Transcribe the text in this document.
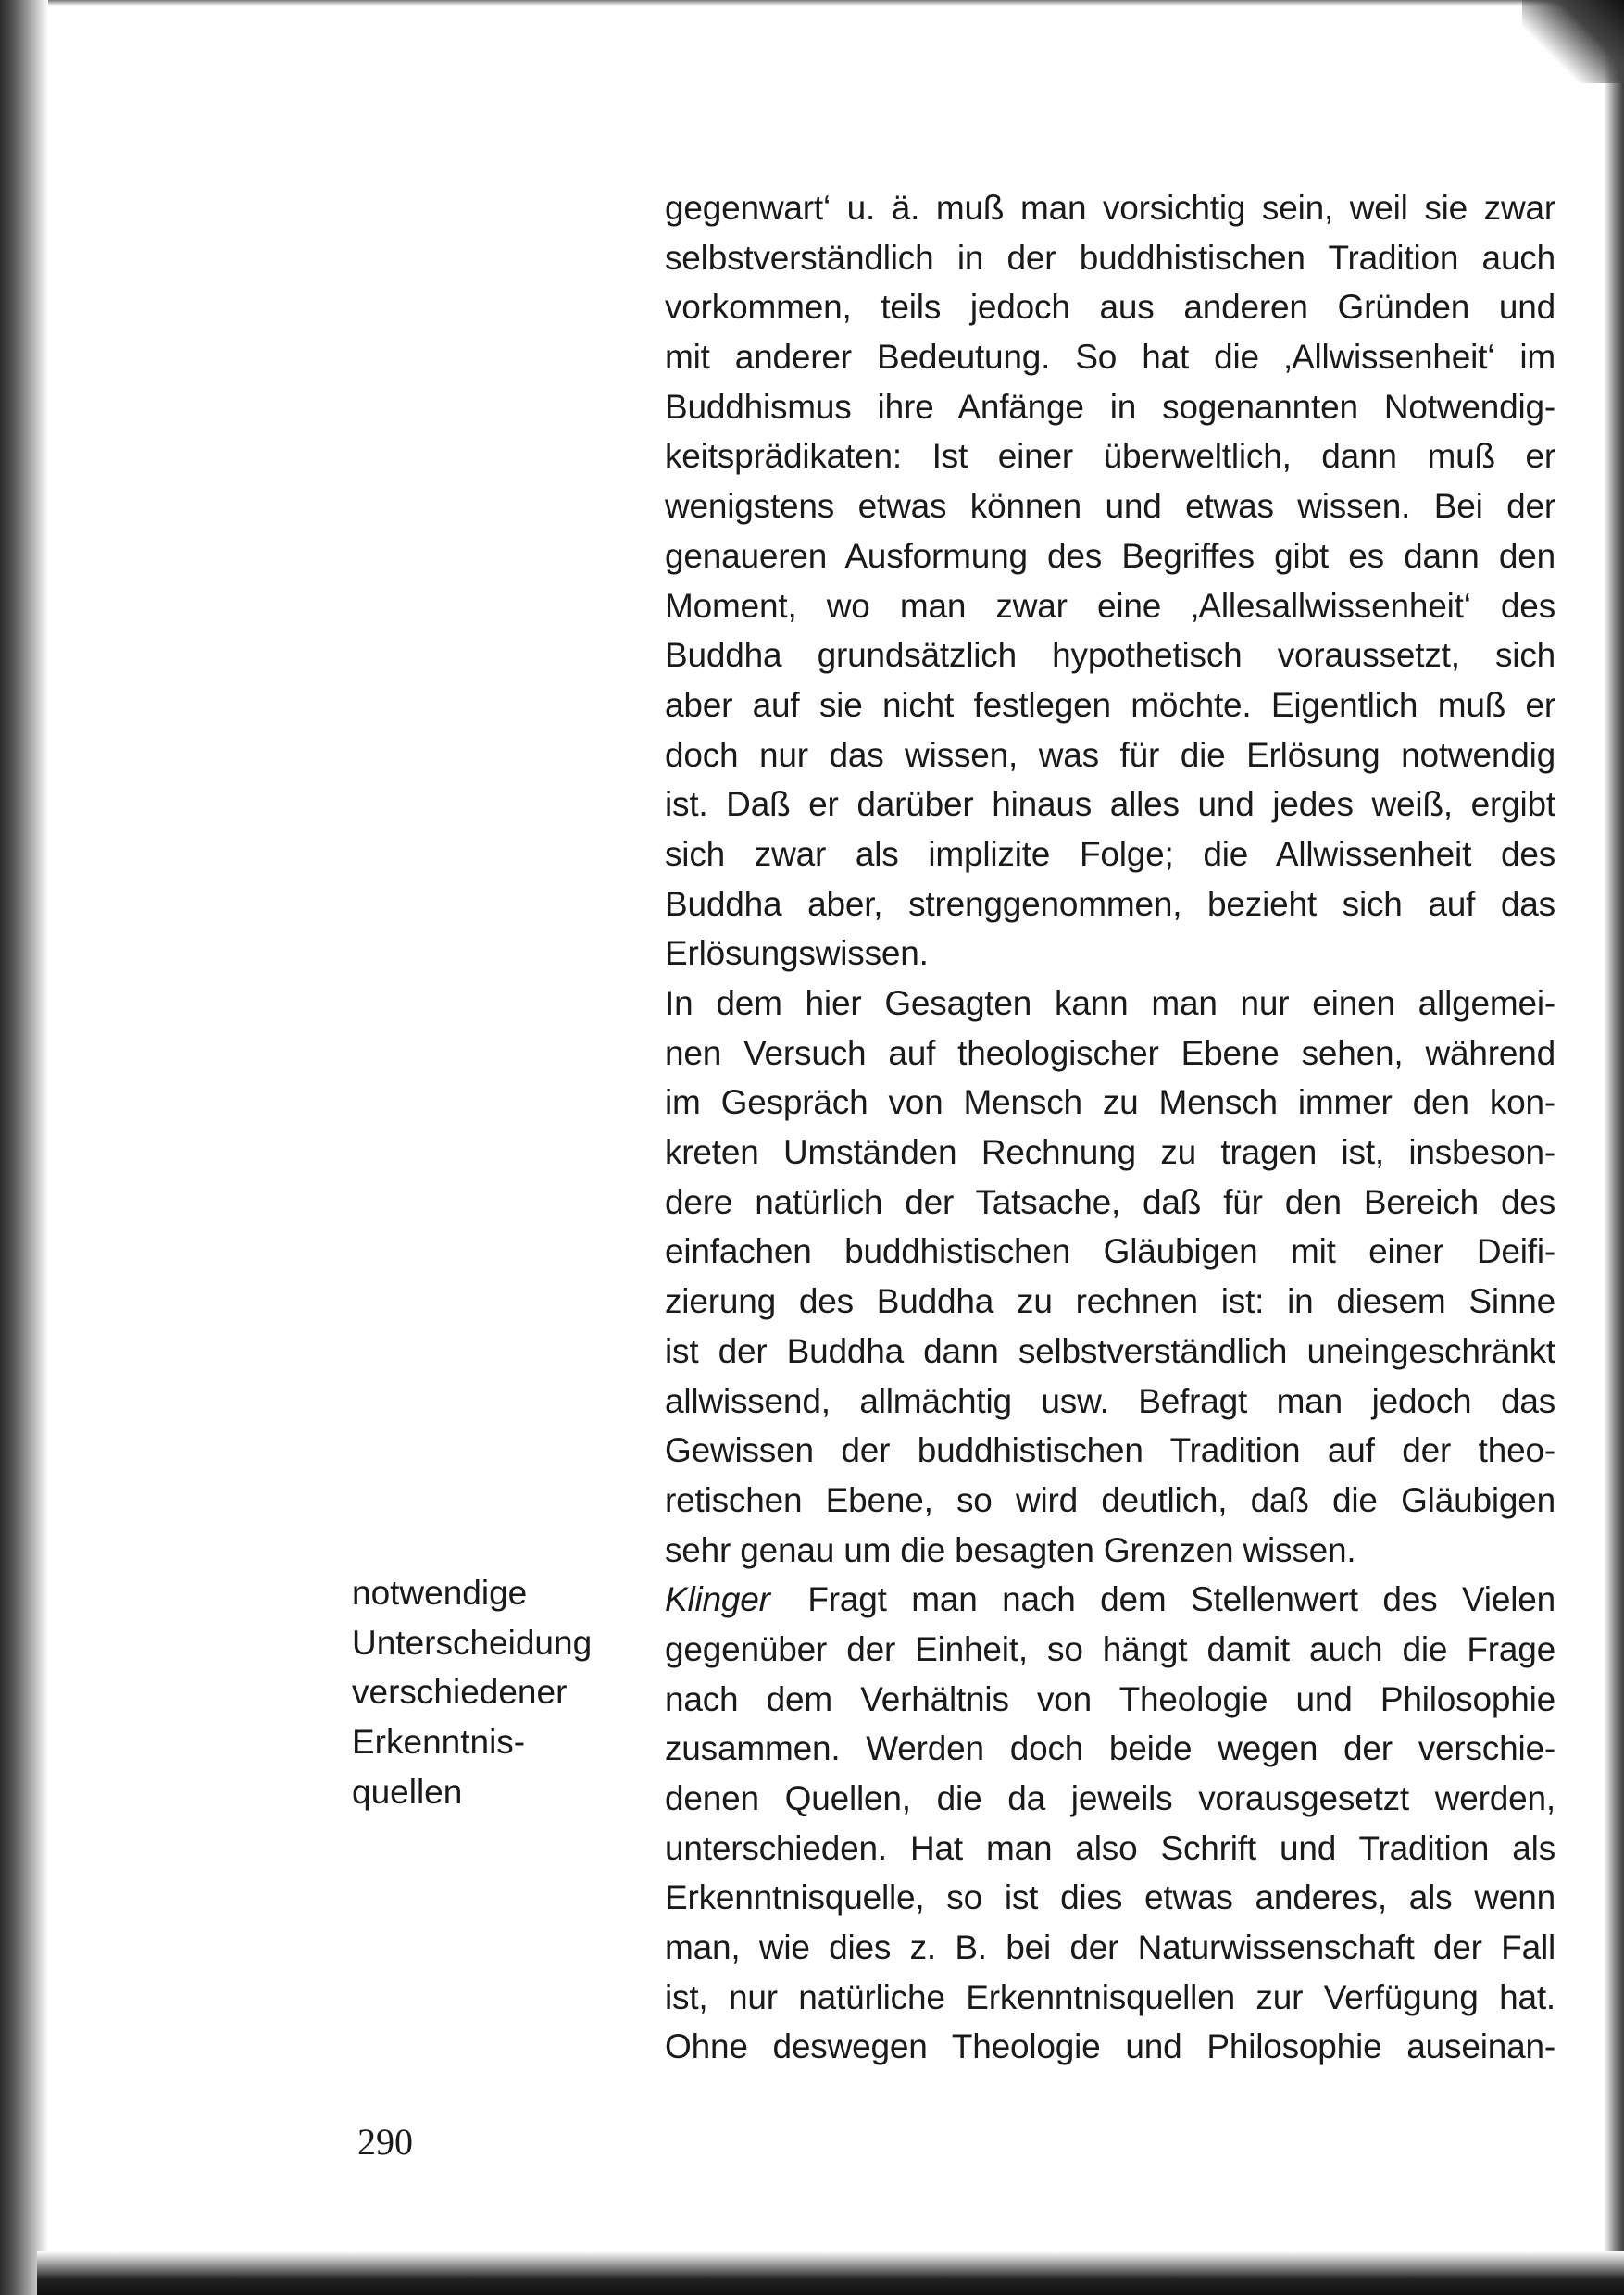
gegenwart‘ u. ä. muß man vorsichtig sein, weil sie zwar
selbstverständlich in der buddhistischen Tradition auch
vorkommen, teils jedoch aus anderen Gründen und
mit anderer Bedeutung. So hat die ‚Allwissenheit‘ im
Buddhismus ihre Anfänge in sogenannten Notwendig-
keitsprädikaten: Ist einer überweltlich, dann muß er
wenigstens etwas können und etwas wissen. Bei der
genaueren Ausformung des Begriffes gibt es dann den
Moment, wo man zwar eine ‚Allesallwissenheit‘ des
Buddha grundsätzlich hypothetisch voraussetzt, sich
aber auf sie nicht festlegen möchte. Eigentlich muß er
doch nur das wissen, was für die Erlösung notwendig
ist. Daß er darüber hinaus alles und jedes weiß, ergibt
sich zwar als implizite Folge; die Allwissenheit des
Buddha aber, strenggenommen, bezieht sich auf das
Erlösungswissen.
In dem hier Gesagten kann man nur einen allgemei-
nen Versuch auf theologischer Ebene sehen, während
im Gespräch von Mensch zu Mensch immer den kon-
kreten Umständen Rechnung zu tragen ist, insbeson-
dere natürlich der Tatsache, daß für den Bereich des
einfachen buddhistischen Gläubigen mit einer Deifi-
zierung des Buddha zu rechnen ist: in diesem Sinne
ist der Buddha dann selbstverständlich uneingeschränkt
allwissend, allmächtig usw. Befragt man jedoch das
Gewissen der buddhistischen Tradition auf der theo-
retischen Ebene, so wird deutlich, daß die Gläubigen
sehr genau um die besagten Grenzen wissen.
Klinger Fragt man nach dem Stellenwert des Vielen
gegenüber der Einheit, so hängt damit auch die Frage
nach dem Verhältnis von Theologie und Philosophie
zusammen. Werden doch beide wegen der verschie-
denen Quellen, die da jeweils vorausgesetzt werden,
unterschieden. Hat man also Schrift und Tradition als
Erkenntnisquelle, so ist dies etwas anderes, als wenn
man, wie dies z. B. bei der Naturwissenschaft der Fall
ist, nur natürliche Erkenntnisquellen zur Verfügung hat.
Ohne deswegen Theologie und Philosophie auseinan-
notwendige
Unterscheidung
verschiedener
Erkenntnis-
quellen
290
